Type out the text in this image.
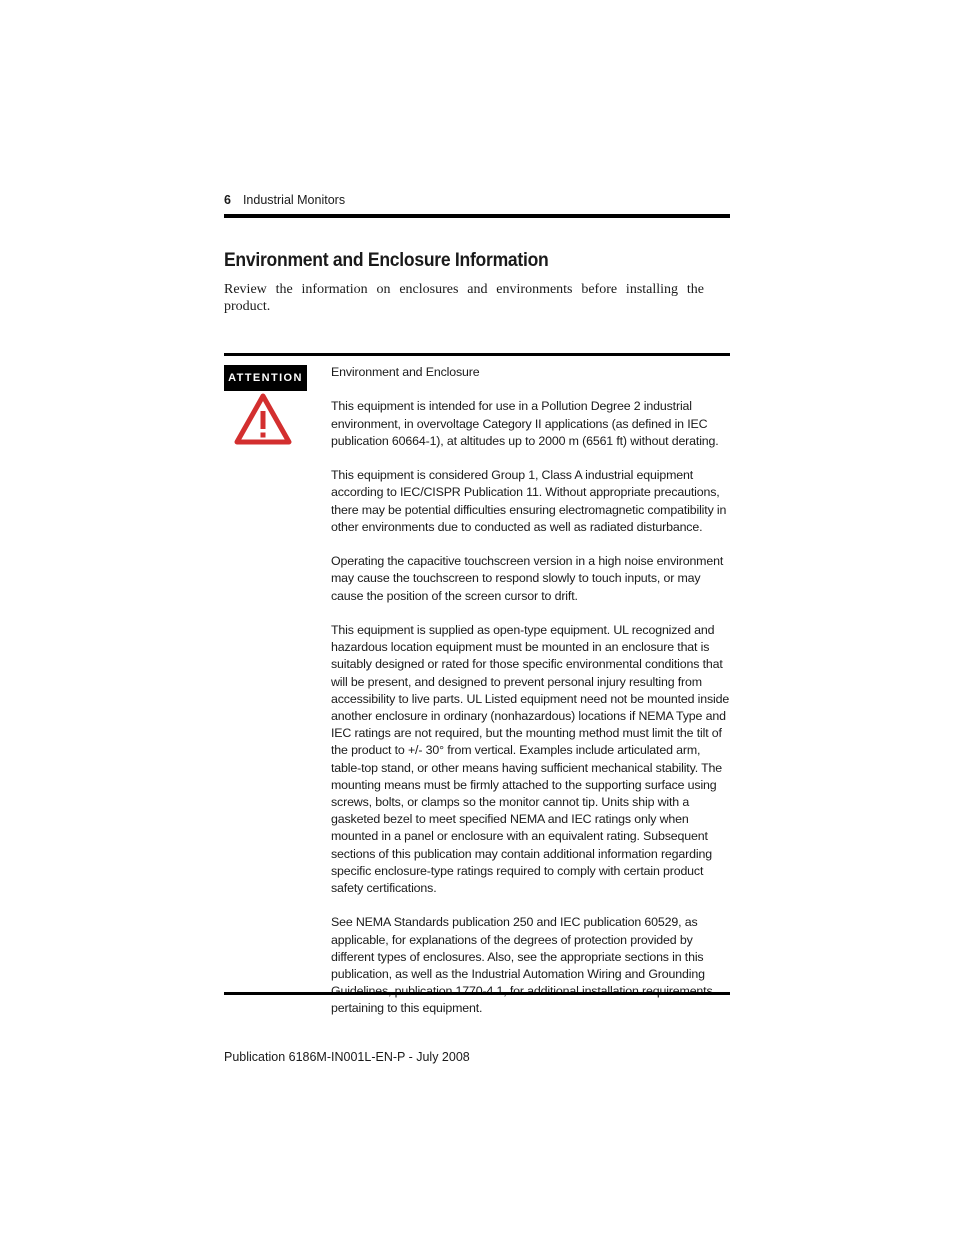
6 Industrial Monitors
Environment and Enclosure Information

Review the information on enclosures and environments before installing the product.

ATTENTION	Environment and Enclosure

This equipment is intended for use in a Pollution Degree 2 industrial environment, in overvoltage Category II applications (as defined in IEC publication 60664-1), at altitudes up to 2000 m (6561 ft) without derating.

This equipment is considered Group 1, Class A industrial equipment according to IEC/CISPR Publication 11. Without appropriate precautions, there may be potential difficulties ensuring electromagnetic compatibility in other environments due to conducted as well as radiated disturbance.

Operating the capacitive touchscreen version in a high noise environment may cause the touchscreen to respond slowly to touch inputs, or may cause the position of the screen cursor to drift.

This equipment is supplied as open-type equipment. UL recognized and hazardous location equipment must be mounted in an enclosure that is suitably designed or rated for those specific environmental conditions that will be present, and designed to prevent personal injury resulting from accessibility to live parts. UL Listed equipment need not be mounted inside another enclosure in ordinary (nonhazardous) locations if NEMA Type and IEC ratings are not required, but the mounting method must limit the tilt of the product to +/- 30° from vertical. Examples include articulated arm, table-top stand, or other means having sufficient mechanical stability. The mounting means must be firmly attached to the supporting surface using screws, bolts, or clamps so the monitor cannot tip. Units ship with a gasketed bezel to meet specified NEMA and IEC ratings only when mounted in a panel or enclosure with an equivalent rating. Subsequent sections of this publication may contain additional information regarding specific enclosure-type ratings required to comply with certain product safety certifications.

See NEMA Standards publication 250 and IEC publication 60529, as applicable, for explanations of the degrees of protection provided by different types of enclosures. Also, see the appropriate sections in this publication, as well as the Industrial Automation Wiring and Grounding pertaining to this equipment.

Publication 6186M-IN001L-EN-P - July 2008
